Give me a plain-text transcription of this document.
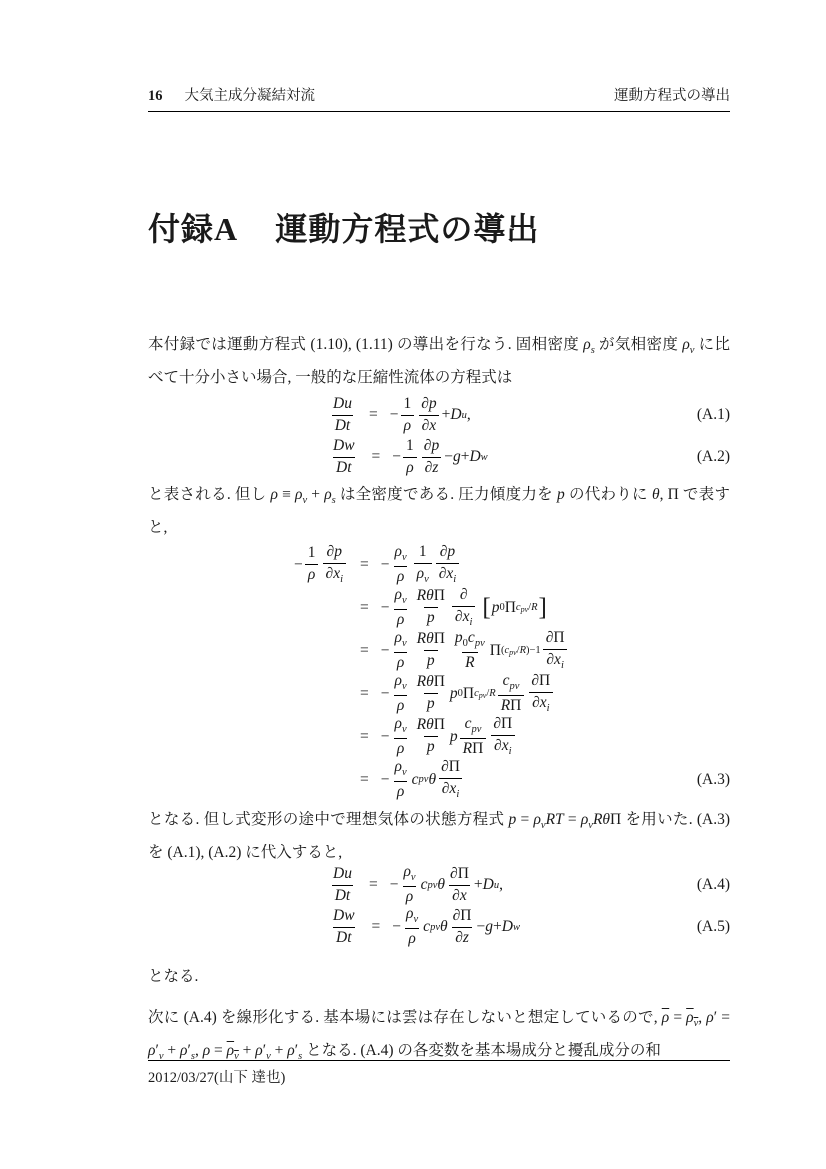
16 大気主成分凝結対流	運動方程式の導出
付録A 運動方程式の導出
本付録では運動方程式 (1.10), (1.11) の導出を行なう. 固相密度 $\rho_s$ が気相密度 $\rho_v$ に比べて十分小さい場合, 一般的な圧縮性流体の方程式は
$\frac{Du}{Dt}$ = − $\frac{1}{\rho} \frac{\partial p}{\partial x} + D$ u ,	(A.1)
$\frac{Dw}{Dt}$ = − $\frac{1}{\rho} \frac{\partial p}{\partial z} - g + D$ w	(A.2)
と表される. 但し $\rho \equiv \rho_v + \rho_s$ は全密度である. 圧力傾度力を p の代わりに θ, Π で表すと,
− $\frac{1}{\rho} \frac{\partial p}{\partial x_i}$ = − $\frac{\rho_v}{\rho} \frac{1}{\rho_v} \frac{\partial p}{\partial x_i}$
= − $\frac{\rho_v}{\rho} \frac{\text{RθΠ}}{p} \frac{\partial}{\partial x_i}$ [ p 0 Π $c_{pv}/R$ ]
= − $\frac{\rho_v}{\rho} \frac{\text{RθΠ}}{p} \frac{p_0c_{pv}}{R}$ Π $(c_{pv}/R)-1 \frac{\partial\Pi}{\partial x_i}$
= − $\frac{\rho_v}{\rho} \frac{\text{RθΠ}}{p}$ p 0 Π $c_{pv}/R \frac{c_{pv}}{R\Pi} \frac{\partial\Pi}{\partial x_i}$
= − $\frac{\rho_v}{\rho} \frac{\text{RθΠ}}{p}$ p $\frac{c_{pv}}{R\Pi} \frac{\partial\Pi}{\partial x_i}$
= − $\frac{\rho_v}{\rho}$ c pv θ $\frac{\partial\Pi}{\partial x_i}$	(A.3)
となる. 但し式変形の途中で理想気体の状態方程式 $p = \rho_vRT = \rho_vR\theta\Pi$ を用いた. (A.3) を (A.1), (A.2) に代入すると,
$\frac{Du}{Dt}$ = − $\frac{\rho_v}{\rho}$ c pv θ $\frac{\partial\Pi}{\partial x} + D$ u ,	(A.4)
$\frac{Dw}{Dt}$ = − $\frac{\rho_v}{\rho}$ c pv θ $\frac{\partial\Pi}{\partial z} - g + D$ w	(A.5)
となる.
次に (A.4) を線形化する. 基本場には雲は存在しないと想定しているので, $\overline{\rho} = \rho_v$, $\rho' = \rho'_v + \rho'_s$, $\rho = \rho_v + \rho'_v + \rho'_s$ となる. (A.4) の各変数を基本場成分と擾乱成分の和
2012/03/27(山下 達也)
